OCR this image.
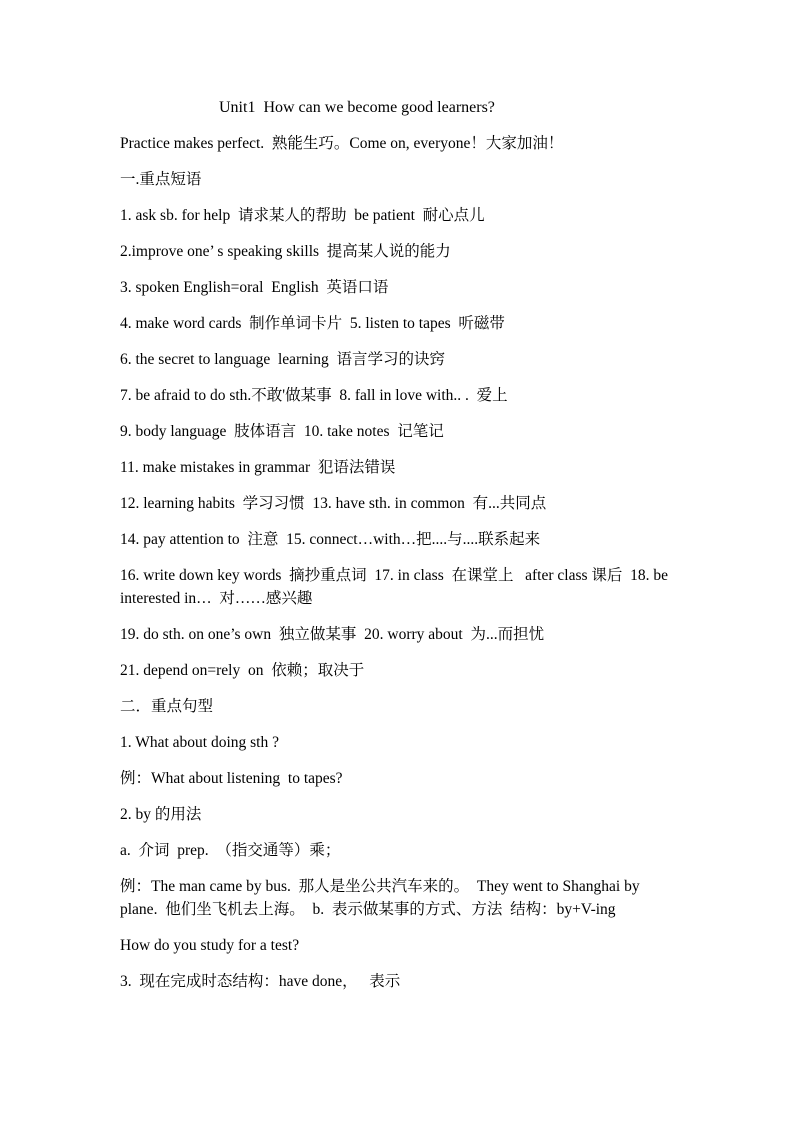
Unit1  How can we become good learners?
Practice makes perfect.  熟能生巧。Come on, everyone！大家加油！
一.重点短语
1. ask sb. for help  请求某人的帮助  be patient  耐心点儿
2.improve one’ s speaking skills  提高某人说的能力
3. spoken English=oral  English  英语口语
4. make word cards  制作单词卡片  5. listen to tapes  听磁带
6. the secret to language  learning  语言学习的诀窍
7. be afraid to do sth.不敢'做某事  8. fall in love with.. .  爱上
9. body language  肢体语言  10. take notes  记笔记
11. make mistakes in grammar  犯语法错误
12. learning habits  学习习惯  13. have sth. in common  有...共同点
14. pay attention to  注意  15. connect…with…把....与....联系起来
16. write down key words  摘抄重点词  17. in class  在课堂上   after class 课后  18. be interested in…  对……感兴趣
19. do sth. on one’s own  独立做某事  20. worry about  为...而担忧
21. depend on=rely  on  依赖；取决于
二．重点句型
1. What about doing sth ?
例：What about listening  to tapes?
2. by 的用法
a.  介词  prep.  （指交通等）乘；
例：The man came by bus.  那人是坐公共汽车来的。  They went to Shanghai by plane.  他们坐飞机去上海。  b.  表示做某事的方式、方法  结构：by+V-ing
How do you study for a test?
3.  现在完成时态结构：have done，   表示
